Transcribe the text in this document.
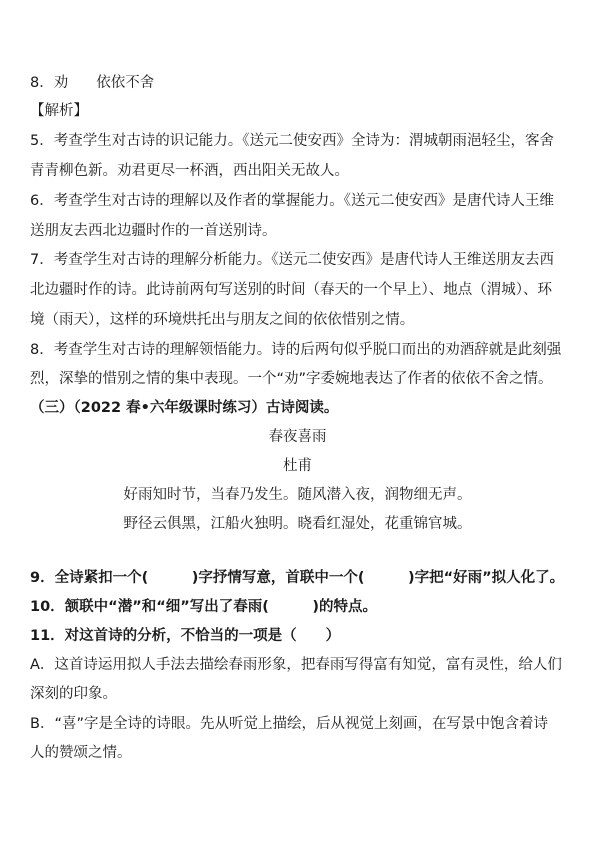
8．劝 依依不舍
【解析】
5．考查学生对古诗的识记能力。《送元二使安西》全诗为：渭城朝雨浥轻尘，客舍
青青柳色新。劝君更尽一杯酒，西出阳关无故人。
6．考查学生对古诗的理解以及作者的掌握能力。《送元二使安西》是唐代诗人王维
送朋友去西北边疆时作的一首送别诗。
7．考查学生对古诗的理解分析能力。《送元二使安西》是唐代诗人王维送朋友去西
北边疆时作的诗。此诗前两句写送别的时间（春天的一个早上）、地点（渭城）、环
境（雨天），这样的环境烘托出与朋友之间的依依惜别之情。
8．考查学生对古诗的理解领悟能力。诗的后两句似乎脱口而出的劝酒辞就是此刻强
烈，深挚的惜别之情的集中表现。一个“劝”字委婉地表达了作者的依依不舍之情。
（三）（2022 春•六年级课时练习）古诗阅读。
春夜喜雨
杜甫
好雨知时节，当春乃发生。随风潜入夜，润物细无声。
野径云俱黑，江船火独明。晓看红湿处，花重锦官城。
9．全诗紧扣一个(　　　)字抒情写意，首联中一个(　　　)字把“好雨”拟人化了。
10．颔联中“潜”和“细”写出了春雨(　　　)的特点。
11．对这首诗的分析，不恰当的一项是（　　）
A．这首诗运用拟人手法去描绘春雨形象，把春雨写得富有知觉，富有灵性，给人们
深刻的印象。
B．“喜”字是全诗的诗眼。先从听觉上描绘，后从视觉上刻画，在写景中饱含着诗
人的赞颂之情。
